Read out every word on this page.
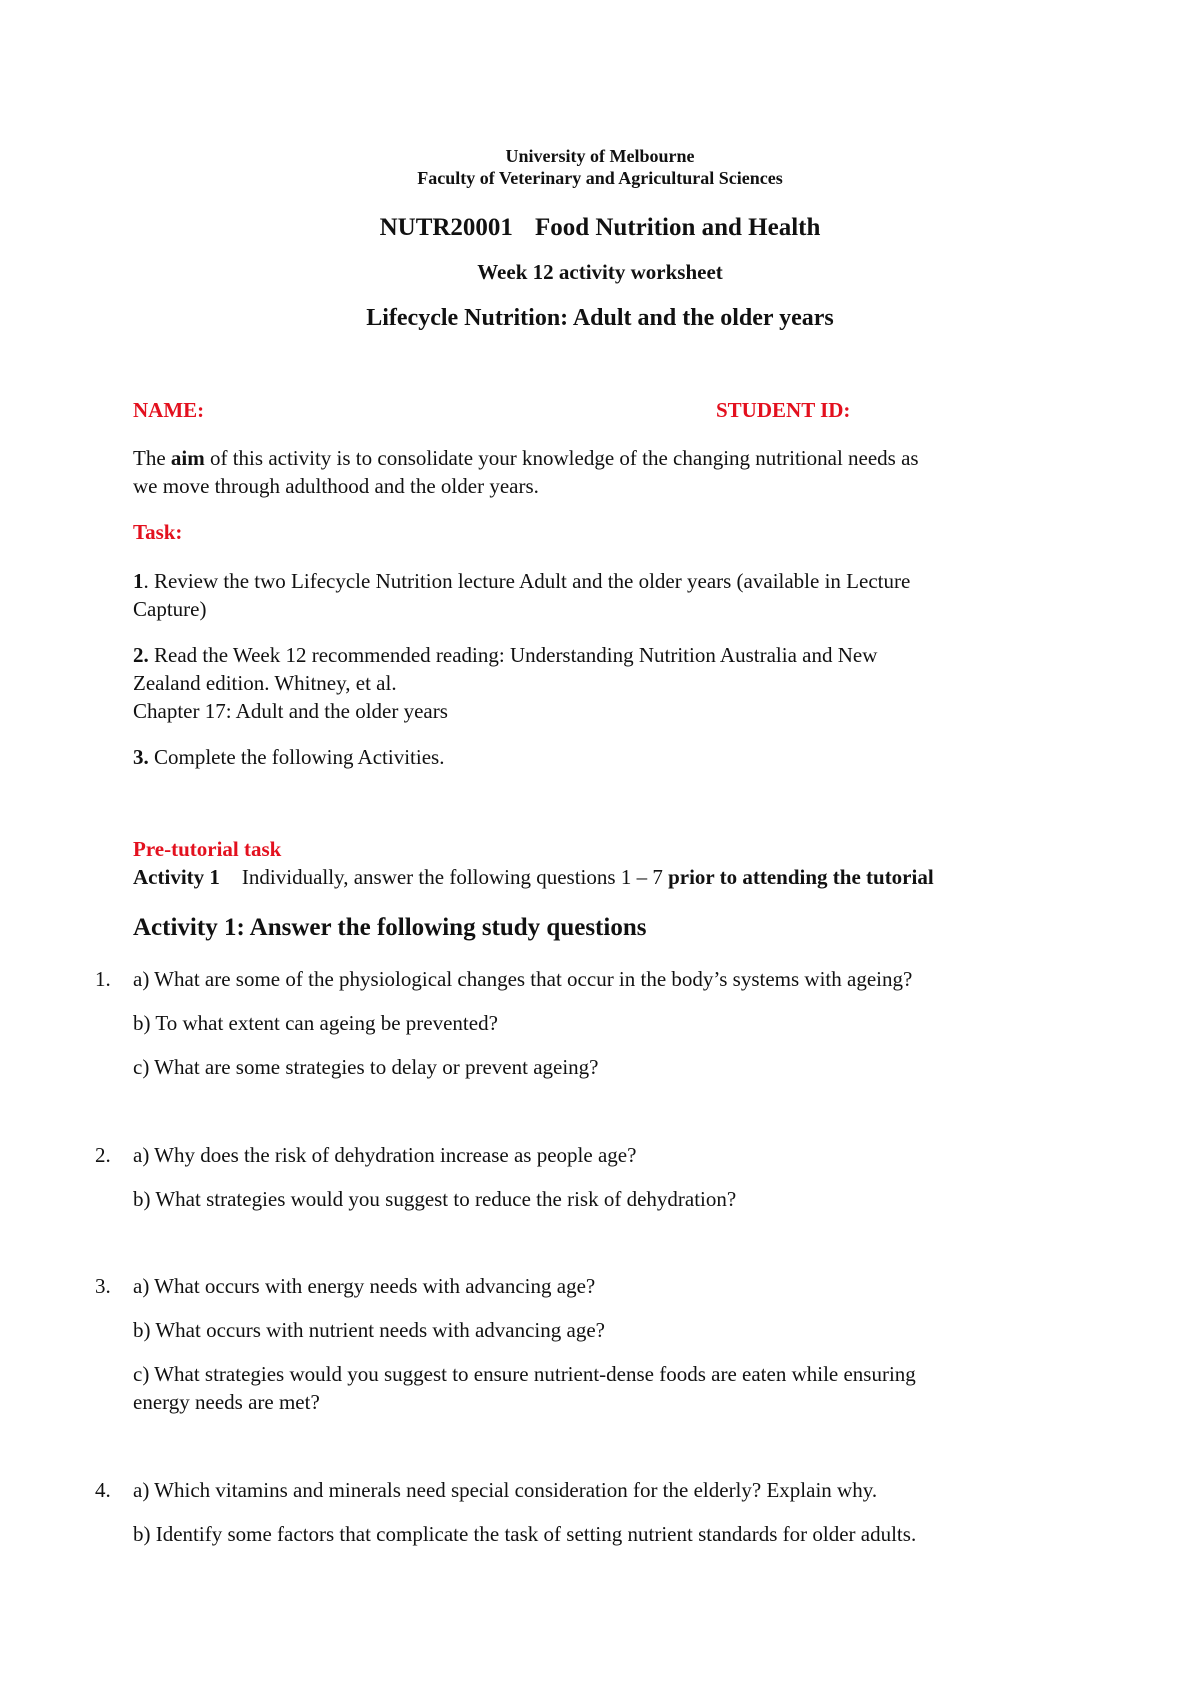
University of Melbourne
Faculty of Veterinary and Agricultural Sciences
NUTR20001 Food Nutrition and Health
Week 12 activity worksheet
Lifecycle Nutrition: Adult and the older years
NAME:	STUDENT ID:
The aim of this activity is to consolidate your knowledge of the changing nutritional needs as
we move through adulthood and the older years.
Task:
1. Review the two Lifecycle Nutrition lecture Adult and the older years (available in Lecture
Capture)
2. Read the Week 12 recommended reading: Understanding Nutrition Australia and New
Zealand edition. Whitney, et al.
Chapter 17: Adult and the older years
3. Complete the following Activities.
Pre-tutorial task
Activity 1 Individually, answer the following questions 1 – 7 prior to attending the tutorial
Activity 1: Answer the following study questions
1. a) What are some of the physiological changes that occur in the body’s systems with ageing?
b) To what extent can ageing be prevented?
c) What are some strategies to delay or prevent ageing?
2. a) Why does the risk of dehydration increase as people age?
b) What strategies would you suggest to reduce the risk of dehydration?
3. a) What occurs with energy needs with advancing age?
b) What occurs with nutrient needs with advancing age?
c) What strategies would you suggest to ensure nutrient-dense foods are eaten while ensuring
energy needs are met?
4. a) Which vitamins and minerals need special consideration for the elderly? Explain why.
b) Identify some factors that complicate the task of setting nutrient standards for older adults.
